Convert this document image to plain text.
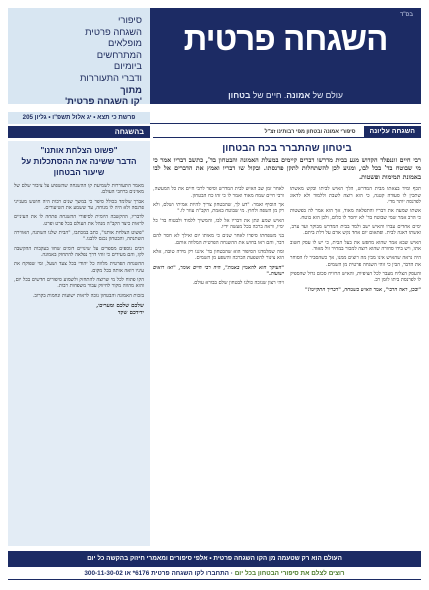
סיפורי

השגחה פרטית

מופלאים

המתרחשים

ביומיום

ודברי התעוררות

מתוך

'קו השגחה פרטית'

בס"ד
השגחה פרטית
עולם של אמונה. חיים של בטחון
פרשת כי תצא • יג אלול תשפ"ו • גליון 205
השגחה עליונה
סיפורי אמונה ובטחון מפי רבותינו זצ"ל
בהשגחה
ביטחון שהתברר בכח הבטחון
רבי חיים זוננפלד הקדוש מגע בבית מדרשו דברים קיימים במעלת האמונה והבטחון בד', כתשב דבריו אמר כי מי שבוטח בד' בכל לבו, ומגיע לכן להשתחלות לתקן פרנסתו. ובקול שו דבריו ואמץ את הדברים אל לבו באמונת תמימות ופשטות.

תכף ומיד בצאתו מבית המדרש, הלך האיש לביתו ובקש מאשתו שתכין לו סעודה קטנה, כי הוא רוצה לשבת וללמוד ולא לדאוג לפרנסה יותר מדי.

אשתו שמעה את דבריו והתפלאה מאוד, אך הוא אמר לה בפשטות כי הרב אמר שמי שבוטח בד' לא יחסר לו כלום, ולכן הוא בוטח.

ימים אחדים עברו והאיש ישב ולמד בבית המדרש מבוקר ועד ערב, ואשתו דאגה לבית. ופתאום יום אחד נקש אדם על דלת ביתם.

האיש שבא אמר שהוא מחפש את בעל הבית, כי יש לו עסק חשוב אתו, ויש בידו סחורה שהוא רוצה למכור במחיר זול מאוד.

היה נראה שהאיש אינו מבין מה רוצים ממנו, אך כשהסביר לו הסוחר את הדבר, הבין כי זוהי השגחה פרטית מן השמים.

והעסק הצליח מעבר לכל הציפיות, והאיש הרוויח סכום גדול שהספיק לו לפרנסת ביתו לזמן רב.

"ובכן, ראה הרבי", אמר האיש בשמחה, "דבריך התקיימו!"

לאחר זמן שב האיש לבית המדרש וסיפר לרבי חיים את כל המעשה, ורבי חיים שמח מאוד ואמר לו כי זהו כח הבטחון.

אך הוסיף ואמר: "דע לך, שהבטחון צריך להיות אמיתי ושלם, ולא רק מן השפה ולחוץ. מי שבוטח באמת, הקב"ה עוזר לו."

האיש שמע ונתן את דבריו אל לבו, והמשיך ללמוד ולבטוח בד' כל ימיו, וראה ברכה בכל מעשה ידיו.

בני משפחתו סיפרו לאחר שנים כי מאותו יום ואילך לא חסר להם דבר, והם ראו בחוש את ההשגחה הפרטית המלווה אותם.

ומה שמלמדנו הסיפור הוא שהבטחון בד' איננו רק מידה טובה, אלא הוא צינור להשפעת הברכה והשפע מן השמים.

"העיקר הוא להאמין באמת", היה רבי חיים אומר, "ואז רואים ישועות."

ויהי רצון שנזכה כולנו לבטחון שלם בבורא עולם.

"פשוט הצלחת אותנו"
הדבר ששינה את ההסתכלות על שיעור הבטחון

מאמר התעוררות לשמיעת קו ההשגחה שהשפיע על ציבור שלם של מאזינים ברחבי העולם.

אברך שלומד בכולל סיפר כי במשך שנים רבות היה חושש מענייני פרנסה ולא היה לו מנוחה, עד ששמע את השיעורים.

לדבריו, ההקשבה היומית לסיפורי ההשגחה פתחה לו את העיניים לראות כיצד הקב"ה מנהל את העולם בכל פרט ופרט.

"פשוט הצלחת אותנו", כתב במכתבו, "הבית שלנו השתנה, האווירה השתנתה, והבטחון נכנס ללבנו."

רבים נוספים מספרים על שינויים דומים שחוו בעקבות ההקשבה לקו, והם מעידים כי זוהי דרך נפלאה להתחזק באמונה.

ההשגחה הפרטית מלווה כל יהודי בכל צעד ושעל, ומי שפוקח את עיניו רואה אותה בכל מקום.

הקו פתוח לכל מי שרוצה להתחזק ולשמוע סיפורים חדשים בכל יום, והוא מהווה מקור לחיזוק עבור משפחות רבות.

בזכות האמונה והבטחון נזכה לראות ישועות ונחמות בקרוב.

שלכם שלכם ומעריכו,
ידידכם שקד
העולם הוא רק שטעמה מן הקו השגחה פרטית • אלפי סיפורים ומאמרי חיזוק בהקשה כל יום
רוצים לצלם את סיפורי הבטחון בכל יום · התחברו לקו השגחה פרטית 6176* או 300-11-30-02
